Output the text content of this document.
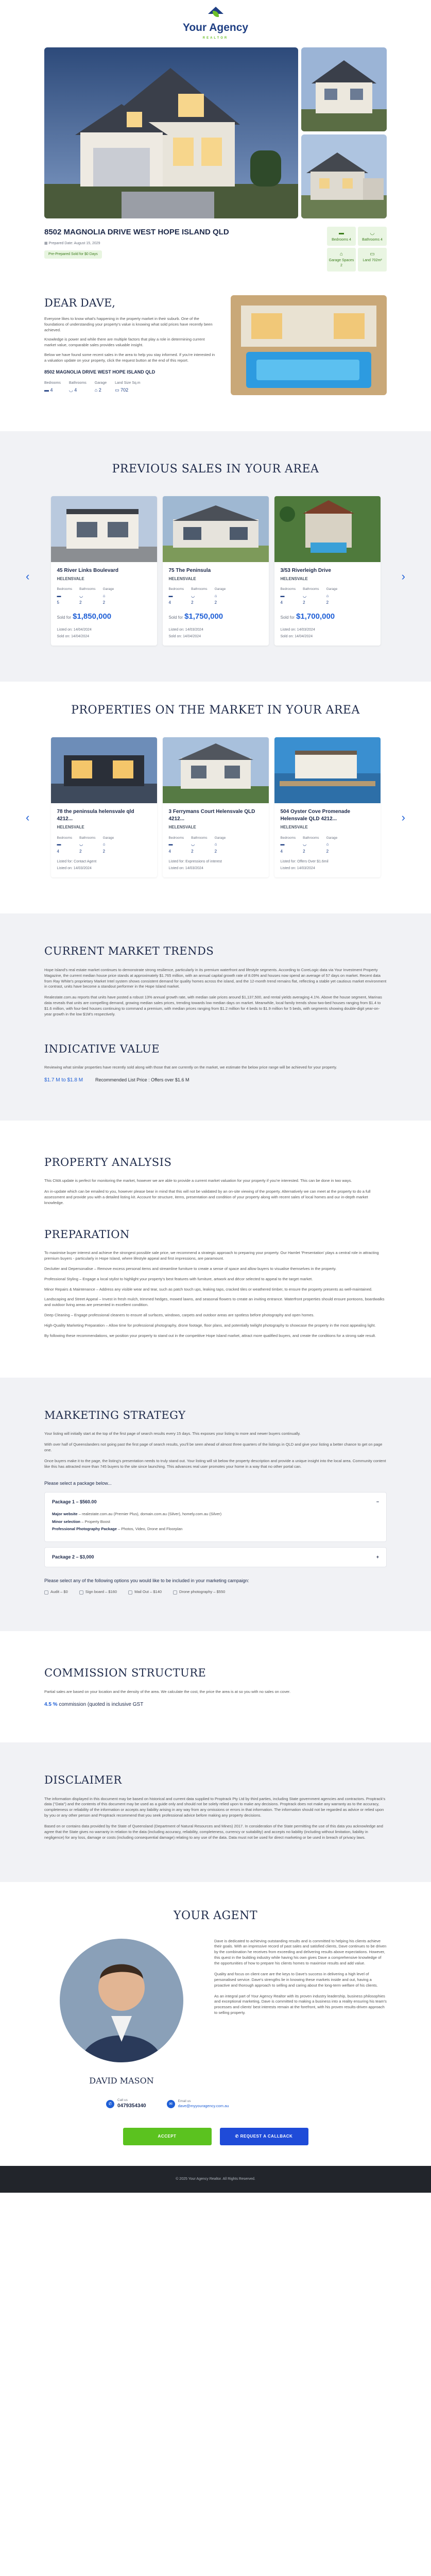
Your Agency
REALTOR
8502 MAGNOLIA DRIVE WEST HOPE ISLAND QLD
▦ Prepared Date: August 15, 2029
Pre-Prepared Sold for $0 Days
▬
Bedrooms 4
◡
Bathrooms 4
⌂
Garage Spaces 2
▭
Land 702m²
DEAR DAVE,

Everyone likes to know what's happening in the property market in their suburb. One of the foundations of understanding your property's value is knowing what sold prices have recently been achieved.

Knowledge is power and while there are multiple factors that play a role in determining current market value, comparable sales provides valuable insight.

Below we have found some recent sales in the area to help you stay informed. If you're interested in a valuation update on your property, click the request button at the end of this report.

8502 MAGNOLIA DRIVE WEST HOPE ISLAND QLD
Bedrooms
▬ 4
Bathrooms
◡ 4
Garage
⌂ 2
Land Size Sq.m
▭ 702
PREVIOUS SALES IN YOUR AREA
‹	45 River Links Boulevard
HELENSVALE
Bedrooms
▬
5
Bathrooms
◡
2
Garage
⌂
2
Sold for $1,850,000
Listed on: 14/04/2024
Sold on: 14/04/2024
75 The Peninsula
HELENSVALE
Bedrooms
▬
4
Bathrooms
◡
2
Garage
⌂
2
Sold for $1,750,000
Listed on: 14/03/2024
Sold on: 14/04/2024
3/53 Riverleigh Drive
HELENSVALE
Bedrooms
▬
4
Bathrooms
◡
2
Garage
⌂
2
Sold for $1,700,000
Listed on: 14/03/2024
Sold on: 14/04/2024
›
PROPERTIES ON THE MARKET IN YOUR AREA
‹	78 the peninsula helensvale qld 4212...
HELENSVALE
Bedrooms
▬
4
Bathrooms
◡
2
Garage
⌂
2
Listed for: Contact Agent
Listed on: 14/03/2024
3 Ferrymans Court Helensvale QLD 4212...
HELENSVALE
Bedrooms
▬
4
Bathrooms
◡
2
Garage
⌂
2
Listed for: Expressions of interest
Listed on: 14/03/2024
504 Oyster Cove Promenade Helensvale QLD 4212...
HELENSVALE
Bedrooms
▬
4
Bathrooms
◡
2
Garage
⌂
2
Listed for: Offers Over $1.6mil
Listed on: 14/03/2024
›
CURRENT MARKET TRENDS

Hope Island's real estate market continues to demonstrate strong resilience, particularly in its premium waterfront and lifestyle segments. According to CoreLogic data via Your Investment Property Magazine, the current median house price stands at approximately $1.765 million, with an annual capital growth rate of 8.09% and houses now spend an average of 57 days on market. Recent data from Ray White's proprietary Market Intel system shows consistent demand for quality homes across the island, and the 12-month trend remains flat, reflecting a stable yet cautious market environment in contrast, units have become a standout performer in the Hope Island market.

Realestate.com.au reports that units have posted a robust 13% annual growth rate, with median sale prices around $1,137,500, and rental yields averaging 4.1%. Above the house segment, Marinas data reveals that units are compelling demand, growing median sales prices, trending towards low median days on market. Meanwhile, local family trends show two-bed houses ranging from $1.4 to $1.6 million, with four-bed houses continuing to command a premium, with median prices ranging from $1.2 million for 4 beds to $1.9 million for 5 beds, with segments showing double-digit year-on-year growth in the low $1M's respectively.

INDICATIVE VALUE

Reviewing what similar properties have recently sold along with those that are currently on the market, we estimate the below price range will be achieved for your property.

$1.7 M to $1.8 M	Recommended List Price : Offers over $1.6 M
PROPERTY ANALYSIS

This CMA update is perfect for monitoring the market, however we are able to provide a current market valuation for your property if you're interested. This can be done in two ways.

An in-update which can be emailed to you, however please bear in mind that this will not be validated by an on-site viewing of the property. Alternatively we can meet at the property to do a full assessment and provide you with a detailed listing kit. Account for structure, items, presentation and condition of your property along with recent sales of local homes and our in-depth market knowledge.

PREPARATION

To maximise buyer interest and achieve the strongest possible sale price, we recommend a strategic approach to preparing your property. Our Hamlet 'Presentation' plays a central role in attracting premium buyers - particularly in Hope Island, where lifestyle appeal and first impressions, are paramount.

Declutter and Depersonalise – Remove excess personal items and streamline furniture to create a sense of space and allow buyers to visualise themselves in the property.

Professional Styling – Engage a local stylist to highlight your property's best features with furniture, artwork and décor selected to appeal to the target market.

Minor Repairs & Maintenance – Address any visible wear and tear, such as patch touch ups, leaking taps, cracked tiles or weathered timber, to ensure the property presents as well-maintained.

Landscaping and Street Appeal – Invest in fresh mulch, trimmed hedges, mowed lawns, and seasonal flowers to create an inviting entrance. Waterfront properties should ensure pontoons, boardwalks and outdoor living areas are presented in excellent condition.

Deep Cleaning – Engage professional cleaners to ensure all surfaces, windows, carpets and outdoor areas are spotless before photography and open homes.

High-Quality Marketing Preparation – Allow time for professional photography, drone footage, floor plans, and potentially twilight photography to showcase the property in the most appealing light.

By following these recommendations, we position your property to stand out in the competitive Hope Island market, attract more qualified buyers, and create the conditions for a strong sale result.

MARKETING STRATEGY

Your listing will initially start at the top of the first page of search results every 15 days. This exposes your listing to more and newer buyers continually.

With over half of Queenslanders not going past the first page of search results, you'll be seen ahead of almost three quarters of the listings in QLD and give your listing a better chance to get on page one.

Once buyers make it to the page, the listing's presentation needs to truly stand out. Your listing will sit below the property description and provide a unique insight into the local area. Community content like this has attracted more than 745 buyers to the site since launching. This advances real user promotes your home in a way that no other portal can.

Please select a package below...
Package 1 – $560.00	−
Major website – realestate.com.au (Premier Plus), domain.com.au (Silver), homely.com.au (Silver)
Minor selection – Property Boost
Professional Photography Package – Photos, Video, Drone and Floorplan
Package 2 – $3,000	+
Please select any of the following options you would like to be included in your marketing campaign:
Audit – $0	Sign board – $160	Mail Out – $140	Drone photography – $550
COMMISSION STRUCTURE

Partial sales are based on your location and the density of the area. We calculate the cost, the price the area is at so you with no sales on cover.

4.5 % commission (quoted is inclusive GST
DISCLAIMER

The information displayed in this document may be based on historical and current data supplied to Proptrack Pty Ltd by third parties, including State government agencies and contractors. Proptrack's data ("Data") and the contents of this document may be used as a guide only and should not be solely relied upon to make any decisions. Proptrack does not make any warranty as to the accuracy, completeness or reliability of the information or accepts any liability arising in any way from any omissions or errors in that information. The information should not be regarded as advice or relied upon by you or any other person and Proptrack recommend that you seek professional advice before making any property decisions.

Based on or contains data provided by the State of Queensland (Department of Natural Resources and Mines) 2017. In consideration of the State permitting the use of this data you acknowledge and agree that the State gives no warranty in relation to the data (including accuracy, reliability, completeness, currency or suitability) and accepts no liability (including without limitation, liability in negligence) for any loss, damage or costs (including consequential damage) relating to any use of the data. Data must not be used for direct marketing or be used in breach of privacy laws.

YOUR AGENT
DAVID MASON

Dave is dedicated to achieving outstanding results and is committed to helping his clients achieve their goals. With an impressive record of past sales and satisfied clients, Dave continues to be driven by the combination he receives from exceeding and delivering results above expectations. However, this quest in the building industry while having his own gives Dave a comprehensive knowledge of the opportunities of how to prepare his clients homes to maximise results and add value.

Quality and focus on client care are the keys to Dave's success in delivering a high level of personalised service. Dave's strengths lie in knowing these markets inside and out, having a proactive and thorough approach to selling and caring about the long-term welfare of his clients.

As an integral part of Your Agency Realtor with its proven industry leadership, business philosophies and exceptional marketing, Dave is committed to making a business into a reality ensuring his team's processes and clients' best interests remain at the forefront, with his proven results-driven approach to selling property.

✆
Call us
0479354340	✉
Email us
dave@myyouragency.com.au
ACCEPT	✆ REQUEST A CALLBACK
© 2025 Your Agency Realtor. All Rights Reserved.
